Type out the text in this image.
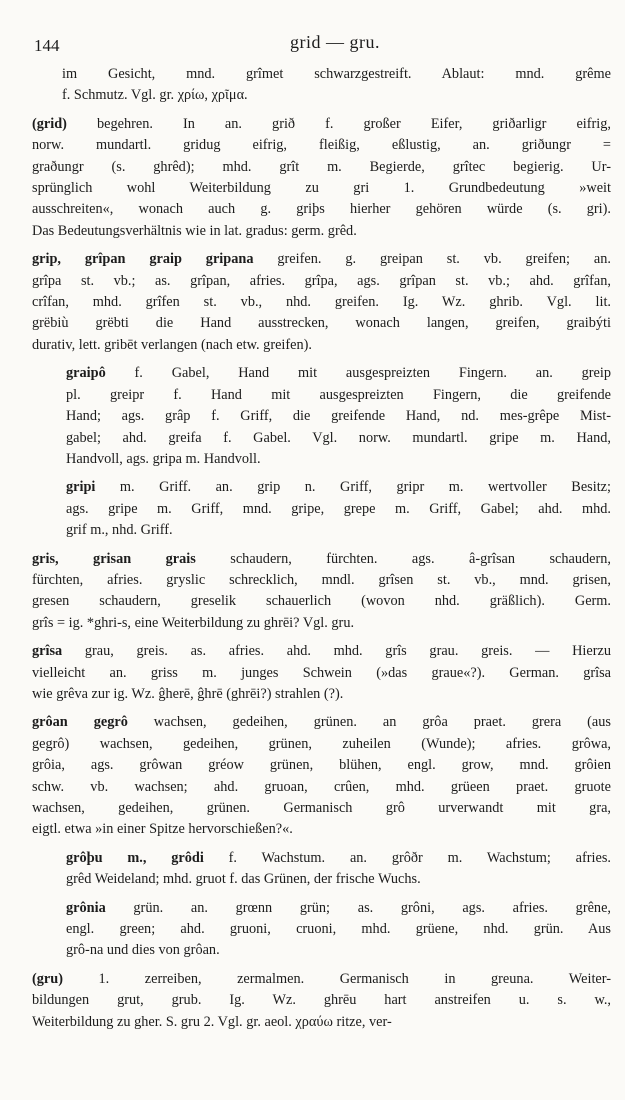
144	grid — gru.
im Gesicht, mnd. grîmet schwarzgestreift. Ablaut: mnd. grême
f. Schmutz. Vgl. gr. χρίω, χρῖμα.
(grid) begehren. In an. grið f. großer Eifer, griðarligr eifrig,
norw. mundartl. gridug eifrig, fleißig, eßlustig, an. griðungr =
graðungr (s. ghrêd); mhd. grît m. Begierde, grîtec begierig. Ur-
sprünglich wohl Weiterbildung zu gri 1. Grundbedeutung »weit
ausschreiten«, wonach auch g. griþs hierher gehören würde (s. gri).
Das Bedeutungsverhältnis wie in lat. gradus: germ. grêd.
grip, grîpan graip gripana greifen. g. greipan st. vb. greifen; an.
grîpa st. vb.; as. grîpan, afries. grîpa, ags. grîpan st. vb.; ahd. grîfan,
crîfan, mhd. grîfen st. vb., nhd. greifen. Ig. Wz. ghrib. Vgl. lit.
grëbiù grëbti die Hand ausstrecken, wonach langen, greifen, graibýti
durativ, lett. gribēt verlangen (nach etw. greifen).
graipô f. Gabel, Hand mit ausgespreizten Fingern. an. greip
pl. greipr f. Hand mit ausgespreizten Fingern, die greifende
Hand; ags. grâp f. Griff, die greifende Hand, nd. mes-grêpe Mist-
gabel; ahd. greifa f. Gabel. Vgl. norw. mundartl. gripe m. Hand,
Handvoll, ags. gripa m. Handvoll.
gripi m. Griff. an. grip n. Griff, gripr m. wertvoller Besitz;
ags. gripe m. Griff, mnd. gripe, grepe m. Griff, Gabel; ahd. mhd.
grif m., nhd. Griff.
gris, grisan grais schaudern, fürchten. ags. â-grîsan schaudern,
fürchten, afries. gryslic schrecklich, mndl. grîsen st. vb., mnd. grisen,
gresen schaudern, greselik schauerlich (wovon nhd. gräßlich). Germ.
grîs = ig. *ghri-s, eine Weiterbildung zu ghrēi? Vgl. gru.
grîsa grau, greis. as. afries. ahd. mhd. grîs grau. greis. — Hierzu
vielleicht an. griss m. junges Schwein (»das graue«?). German. grîsa
wie grêva zur ig. Wz. ĝherē, ĝhrē (ghrēi?) strahlen (?).
grôan gegrô wachsen, gedeihen, grünen. an grôa praet. grera (aus
gegrô) wachsen, gedeihen, grünen, zuheilen (Wunde); afries. grôwa,
grôia, ags. grôwan gréow grünen, blühen, engl. grow, mnd. grôien
schw. vb. wachsen; ahd. gruoan, crûen, mhd. grüeen praet. gruote
wachsen, gedeihen, grünen. Germanisch grô urverwandt mit gra,
eigtl. etwa »in einer Spitze hervorschießen?«.
grôþu m., grôdi f. Wachstum. an. grôðr m. Wachstum; afries.
grêd Weideland; mhd. gruot f. das Grünen, der frische Wuchs.
grônia grün. an. grœnn grün; as. grôni, ags. afries. grêne,
engl. green; ahd. gruoni, cruoni, mhd. grüene, nhd. grün. Aus
grô-na und dies von grôan.
(gru) 1. zerreiben, zermalmen. Germanisch in greuna. Weiter-
bildungen grut, grub. Ig. Wz. ghrēu hart anstreifen u. s. w.,
Weiterbildung zu gher. S. gru 2. Vgl. gr. aeol. χραύω ritze, ver-
